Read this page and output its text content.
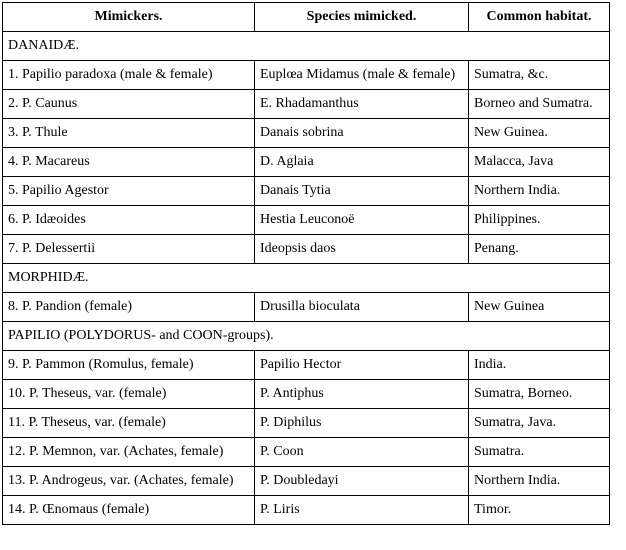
Mimickers.	Species mimicked.	Common habitat.
DANAIDÆ.		
1. Papilio paradoxa (male & female)	Euplœa Midamus (male & female)	Sumatra, &c.
2. P. Caunus	E. Rhadamanthus	Borneo and Sumatra.
3. P. Thule	Danais sobrina	New Guinea.
4. P. Macareus	D. Aglaia	Malacca, Java
5. Papilio Agestor	Danais Tytia	Northern India.
6. P. Idæoides	Hestia Leuconoë	Philippines.
7. P. Delessertii	Ideopsis daos	Penang.
MORPHIDÆ.		
8. P. Pandion (female)	Drusilla bioculata	New Guinea
PAPILIO (POLYDORUS- and COON-groups).		
9. P. Pammon (Romulus, female)	Papilio Hector	India.
10. P. Theseus, var. (female)	P. Antiphus	Sumatra, Borneo.
11. P. Theseus, var. (female)	P. Diphilus	Sumatra, Java.
12. P. Memnon, var. (Achates, female)	P. Coon	Sumatra.
13. P. Androgeus, var. (Achates, female)	P. Doubledayi	Northern India.
14. P. Œnomaus (female)	P. Liris	Timor.
